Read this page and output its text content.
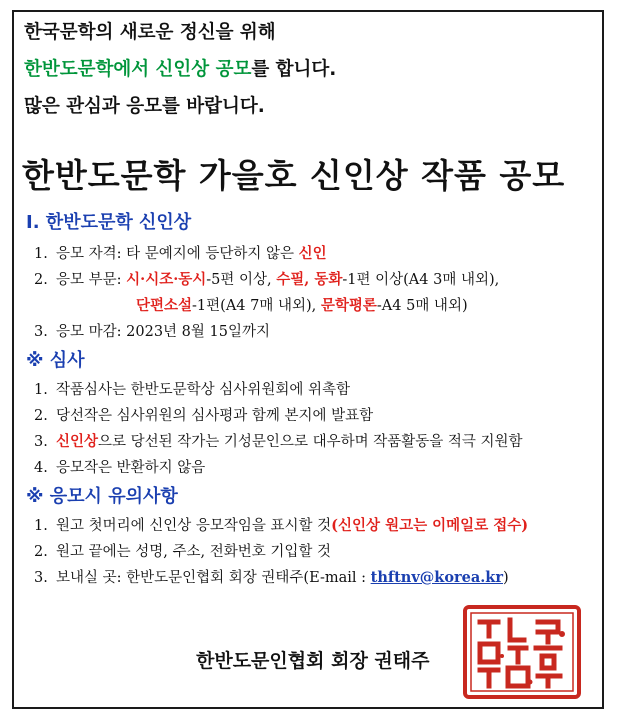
한국문학의 새로운 정신을 위해
한반도문학에서 신인상 공모를 합니다.
많은 관심과 응모를 바랍니다.
한반도문학 가을호 신인상 작품 공모
Ⅰ. 한반도문학 신인상
1. 응모 자격: 타 문예지에 등단하지 않은 신인
2. 응모 부문: 시·시조·동시-5편 이상, 수필, 동화-1편 이상(A4 3매 내외),
단편소설-1편(A4 7매 내외), 문학평론-A4 5매 내외)
3. 응모 마감: 2023년 8월 15일까지
※ 심사
1. 작품심사는 한반도문학상 심사위원회에 위촉함
2. 당선작은 심사위원의 심사평과 함께 본지에 발표함
3. 신인상으로 당선된 작가는 기성문인으로 대우하며 작품활동을 적극 지원함
4. 응모작은 반환하지 않음
※ 응모시 유의사항
1. 원고 첫머리에 신인상 응모작임을 표시할 것(신인상 원고는 이메일로 접수)
2. 원고 끝에는 성명, 주소, 전화번호 기입할 것
3. 보내실 곳: 한반도문인협회 회장 권태주(E-mail : thftnv@korea.kr)
한반도문인협회 회장 권태주
